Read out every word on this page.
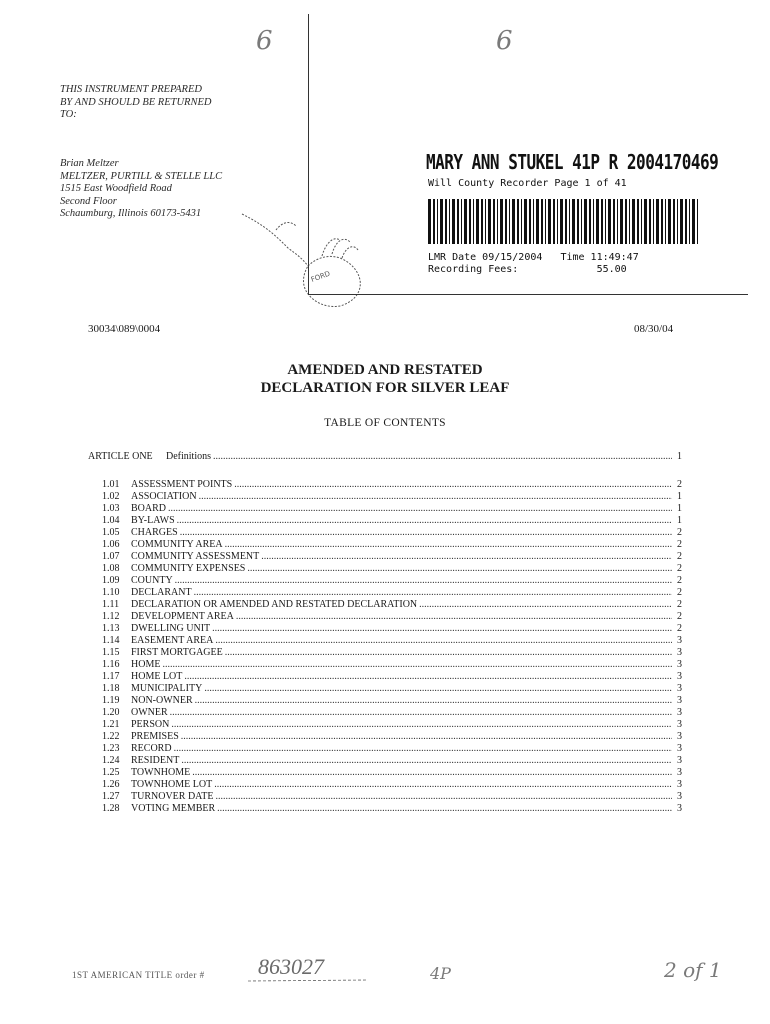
6	6
THIS INSTRUMENT PREPARED
BY AND SHOULD BE RETURNED
TO:
Brian Meltzer
MELTZER, PURTILL & STELLE LLC
1515 East Woodfield Road
Second Floor
Schaumburg, Illinois 60173-5431
FORD
MARY ANN STUKEL 41P R 2004170469
Will County Recorder Page 1 of 41
LMR Date 09/15/2004   Time 11:49:47
Recording Fees:             55.00
30034\089\0004	08/30/04
AMENDED AND RESTATED
DECLARATION FOR SILVER LEAF
TABLE OF CONTENTS
ARTICLE ONE	Definitions .....	1
1.01	ASSESSMENT POINTS .....	2
1.02	ASSOCIATION .....	1
1.03	BOARD .....	1
1.04	BY-LAWS .....	1
1.05	CHARGES .....	2
1.06	COMMUNITY AREA .....	2
1.07	COMMUNITY ASSESSMENT .....	2
1.08	COMMUNITY EXPENSES .....	2
1.09	COUNTY .....	2
1.10	DECLARANT .....	2
1.11	DECLARATION OR AMENDED AND RESTATED DECLARATION .....	2
1.12	DEVELOPMENT AREA .....	2
1.13	DWELLING UNIT .....	2
1.14	EASEMENT AREA .....	3
1.15	FIRST MORTGAGEE .....	3
1.16	HOME .....	3
1.17	HOME LOT .....	3
1.18	MUNICIPALITY .....	3
1.19	NON-OWNER .....	3
1.20	OWNER .....	3
1.21	PERSON .....	3
1.22	PREMISES .....	3
1.23	RECORD .....	3
1.24	RESIDENT .....	3
1.25	TOWNHOME .....	3
1.26	TOWNHOME LOT .....	3
1.27	TURNOVER DATE .....	3
1.28	VOTING MEMBER .....	3
1ST AMERICAN TITLE order # 863027	4P	2 of 1
